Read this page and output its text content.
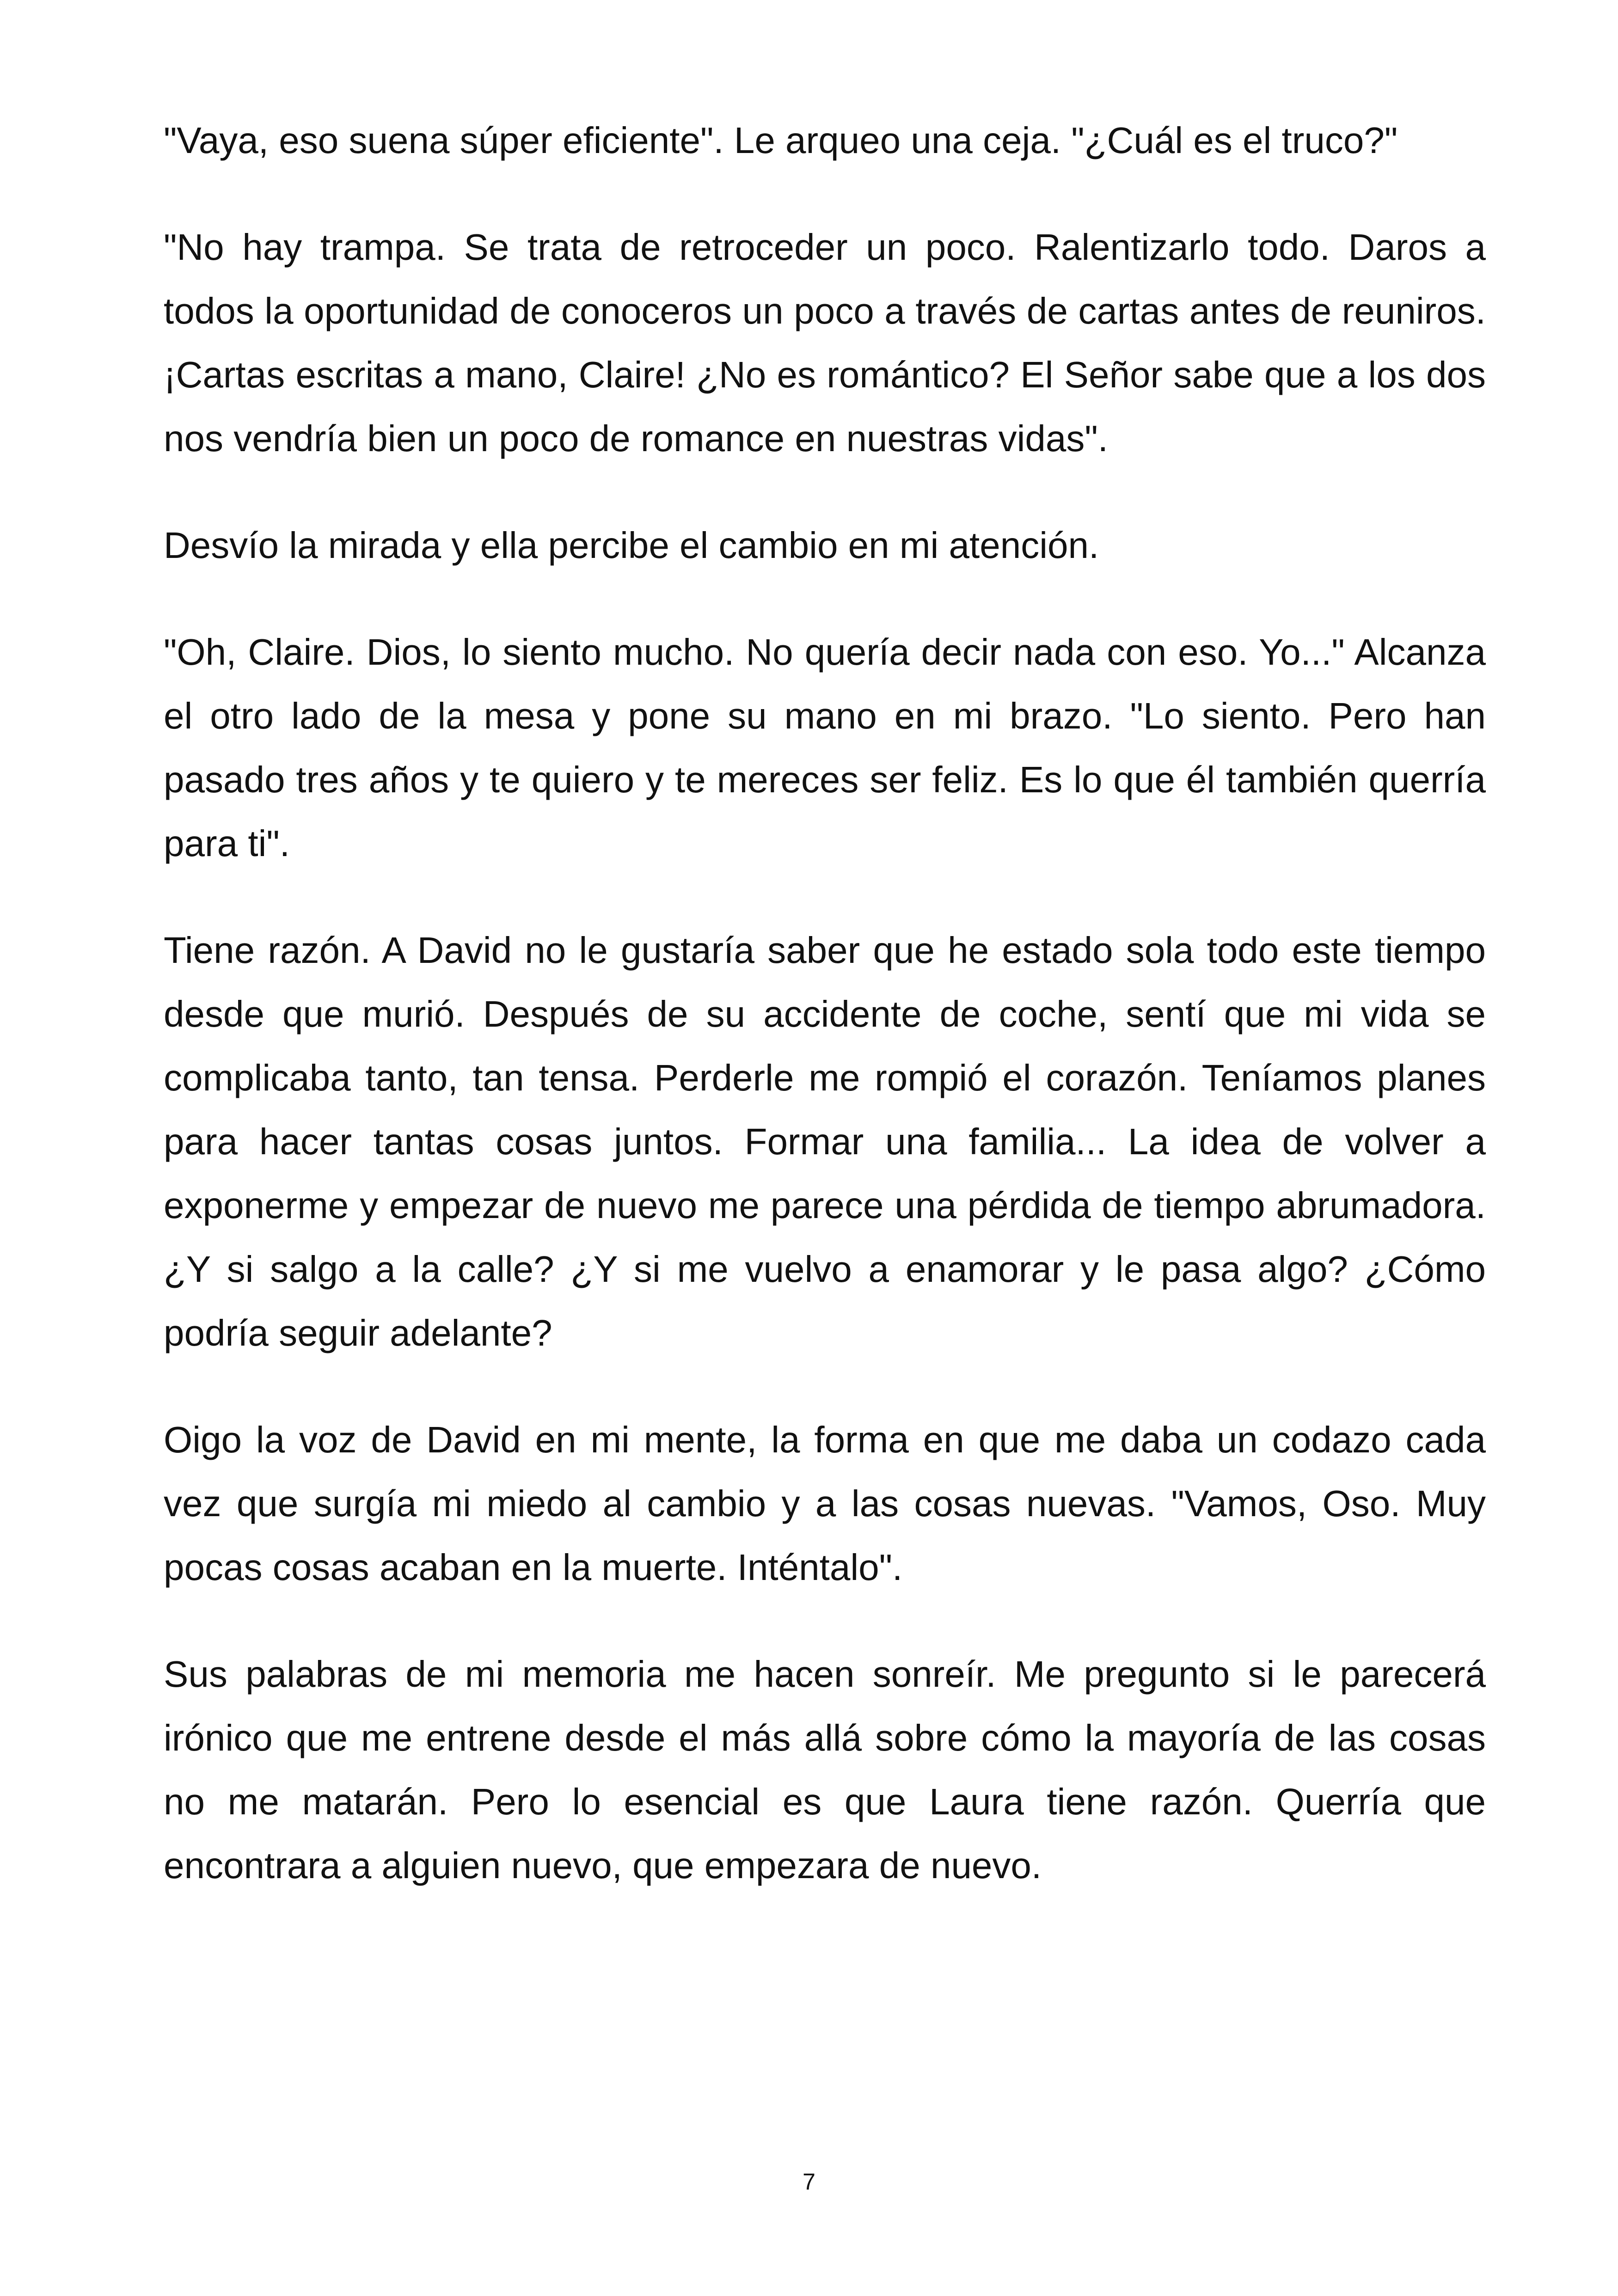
"Vaya, eso suena súper eficiente". Le arqueo una ceja. "¿Cuál es el truco?"

"No hay trampa. Se trata de retroceder un poco. Ralentizarlo todo. Daros a todos la oportunidad de conoceros un poco a través de cartas antes de reuniros. ¡Cartas escritas a mano, Claire! ¿No es romántico? El Señor sabe que a los dos nos vendría bien un poco de romance en nuestras vidas".

Desvío la mirada y ella percibe el cambio en mi atención.

"Oh, Claire. Dios, lo siento mucho. No quería decir nada con eso. Yo..." Alcanza el otro lado de la mesa y pone su mano en mi brazo. "Lo siento. Pero han pasado tres años y te quiero y te mereces ser feliz. Es lo que él también querría para ti".

Tiene razón. A David no le gustaría saber que he estado sola todo este tiempo desde que murió. Después de su accidente de coche, sentí que mi vida se complicaba tanto, tan tensa. Perderle me rompió el corazón. Teníamos planes para hacer tantas cosas juntos. Formar una familia... La idea de volver a exponerme y empezar de nuevo me parece una pérdida de tiempo abrumadora. ¿Y si salgo a la calle? ¿Y si me vuelvo a enamorar y le pasa algo? ¿Cómo podría seguir adelante?

Oigo la voz de David en mi mente, la forma en que me daba un codazo cada vez que surgía mi miedo al cambio y a las cosas nuevas. "Vamos, Oso. Muy pocas cosas acaban en la muerte. Inténtalo".

Sus palabras de mi memoria me hacen sonreír. Me pregunto si le parecerá irónico que me entrene desde el más allá sobre cómo la mayoría de las cosas no me matarán. Pero lo esencial es que Laura tiene razón. Querría que encontrara a alguien nuevo, que empezara de nuevo.

7
